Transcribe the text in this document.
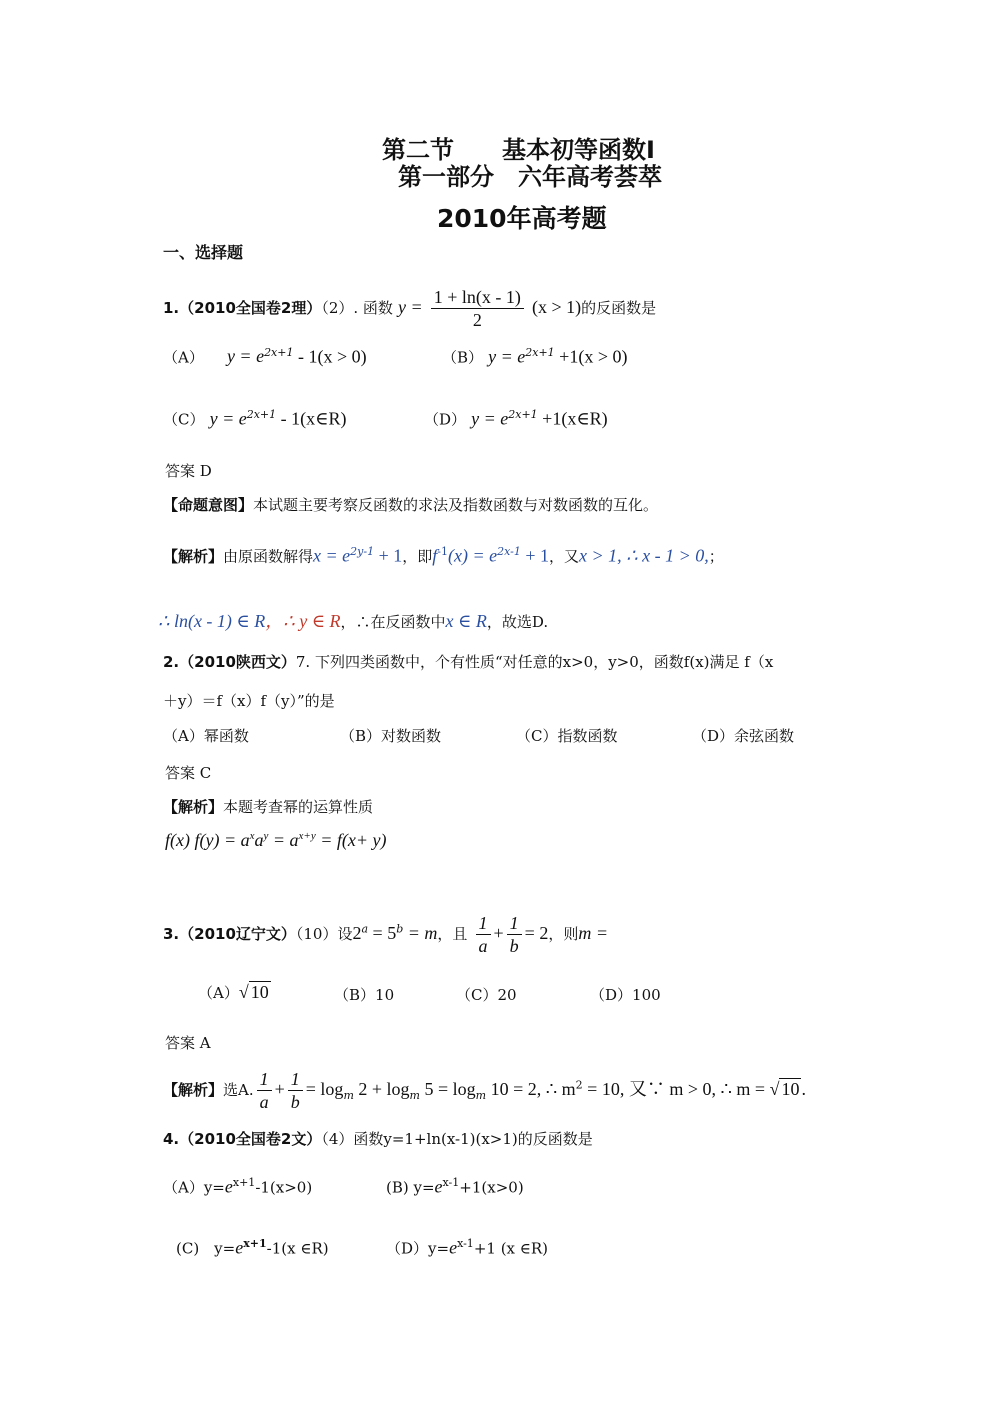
第二节　　基本初等函数Ⅰ
第一部分　六年高考荟萃
2010年高考题
一、选择题
1.（2010全国卷2理）（2）. 函数 $y = \frac{1 + \ln(x - 1)}{2} (x > 1)$的反函数是
（A） $y = e^{2x+1} - 1(x > 0)$	（B） $y = e^{2x+1} +1(x > 0)$
（C） $y = e^{2x+1}$ - 1(x∈R)	（D） $y = e^{2x+1}$ +1(x∈R)
答案 D
【命题意图】本试题主要考察反函数的求法及指数函数与对数函数的互化。
【解析】由原函数解得$x = e^{2y-1} + 1$，即$f^{-1}(x) = e^{2x-1} + 1$，又x > 1, ∴ x - 1 > 0,；
∴ ln(x - 1) ∈ R，∴ y ∈ R，∴在反函数中x ∈ R，故选D.
2.（2010陕西文）7. 下列四类函数中，个有性质“对任意的x>0，y>0，函数f(x)满足 f（x
＋y）＝f（x）f（y）”的是
（A）幂函数	（B）对数函数	（C）指数函数	（D）余弦函数
答案 C
【解析】本题考查幂的运算性质
f(x) $f(y) = a^xa^y = a^{x+y} = f(x+ y)$
3.（2010辽宁文）（10）设$2^a = 5^b = m$，且 $\frac{1}{a} + \frac{1}{b} = 2$，则m =
（A）√ 10	（B）10	（C）20	（D）100
答案 A
【解析】选A. $\frac{1}{a} + \frac{1}{b} = \log_m 2 + \log_m 5 = \log_m 10 = 2$, ∴ $m^2 = 10$, 又∵ m > 0, ∴ m = √ 10 .
4.（2010全国卷2文）（4）函数y=1+ln(x-1)(x>1)的反函数是
$(A)y=e^{x+1}-1(x>0)$	(B) $y=e^{x-1}+1(x>0)$
(C)　$y=e^{x+1}-1(x$ ∈R)	$(D)y=e^{x-1}+1$ (x ∈R)
